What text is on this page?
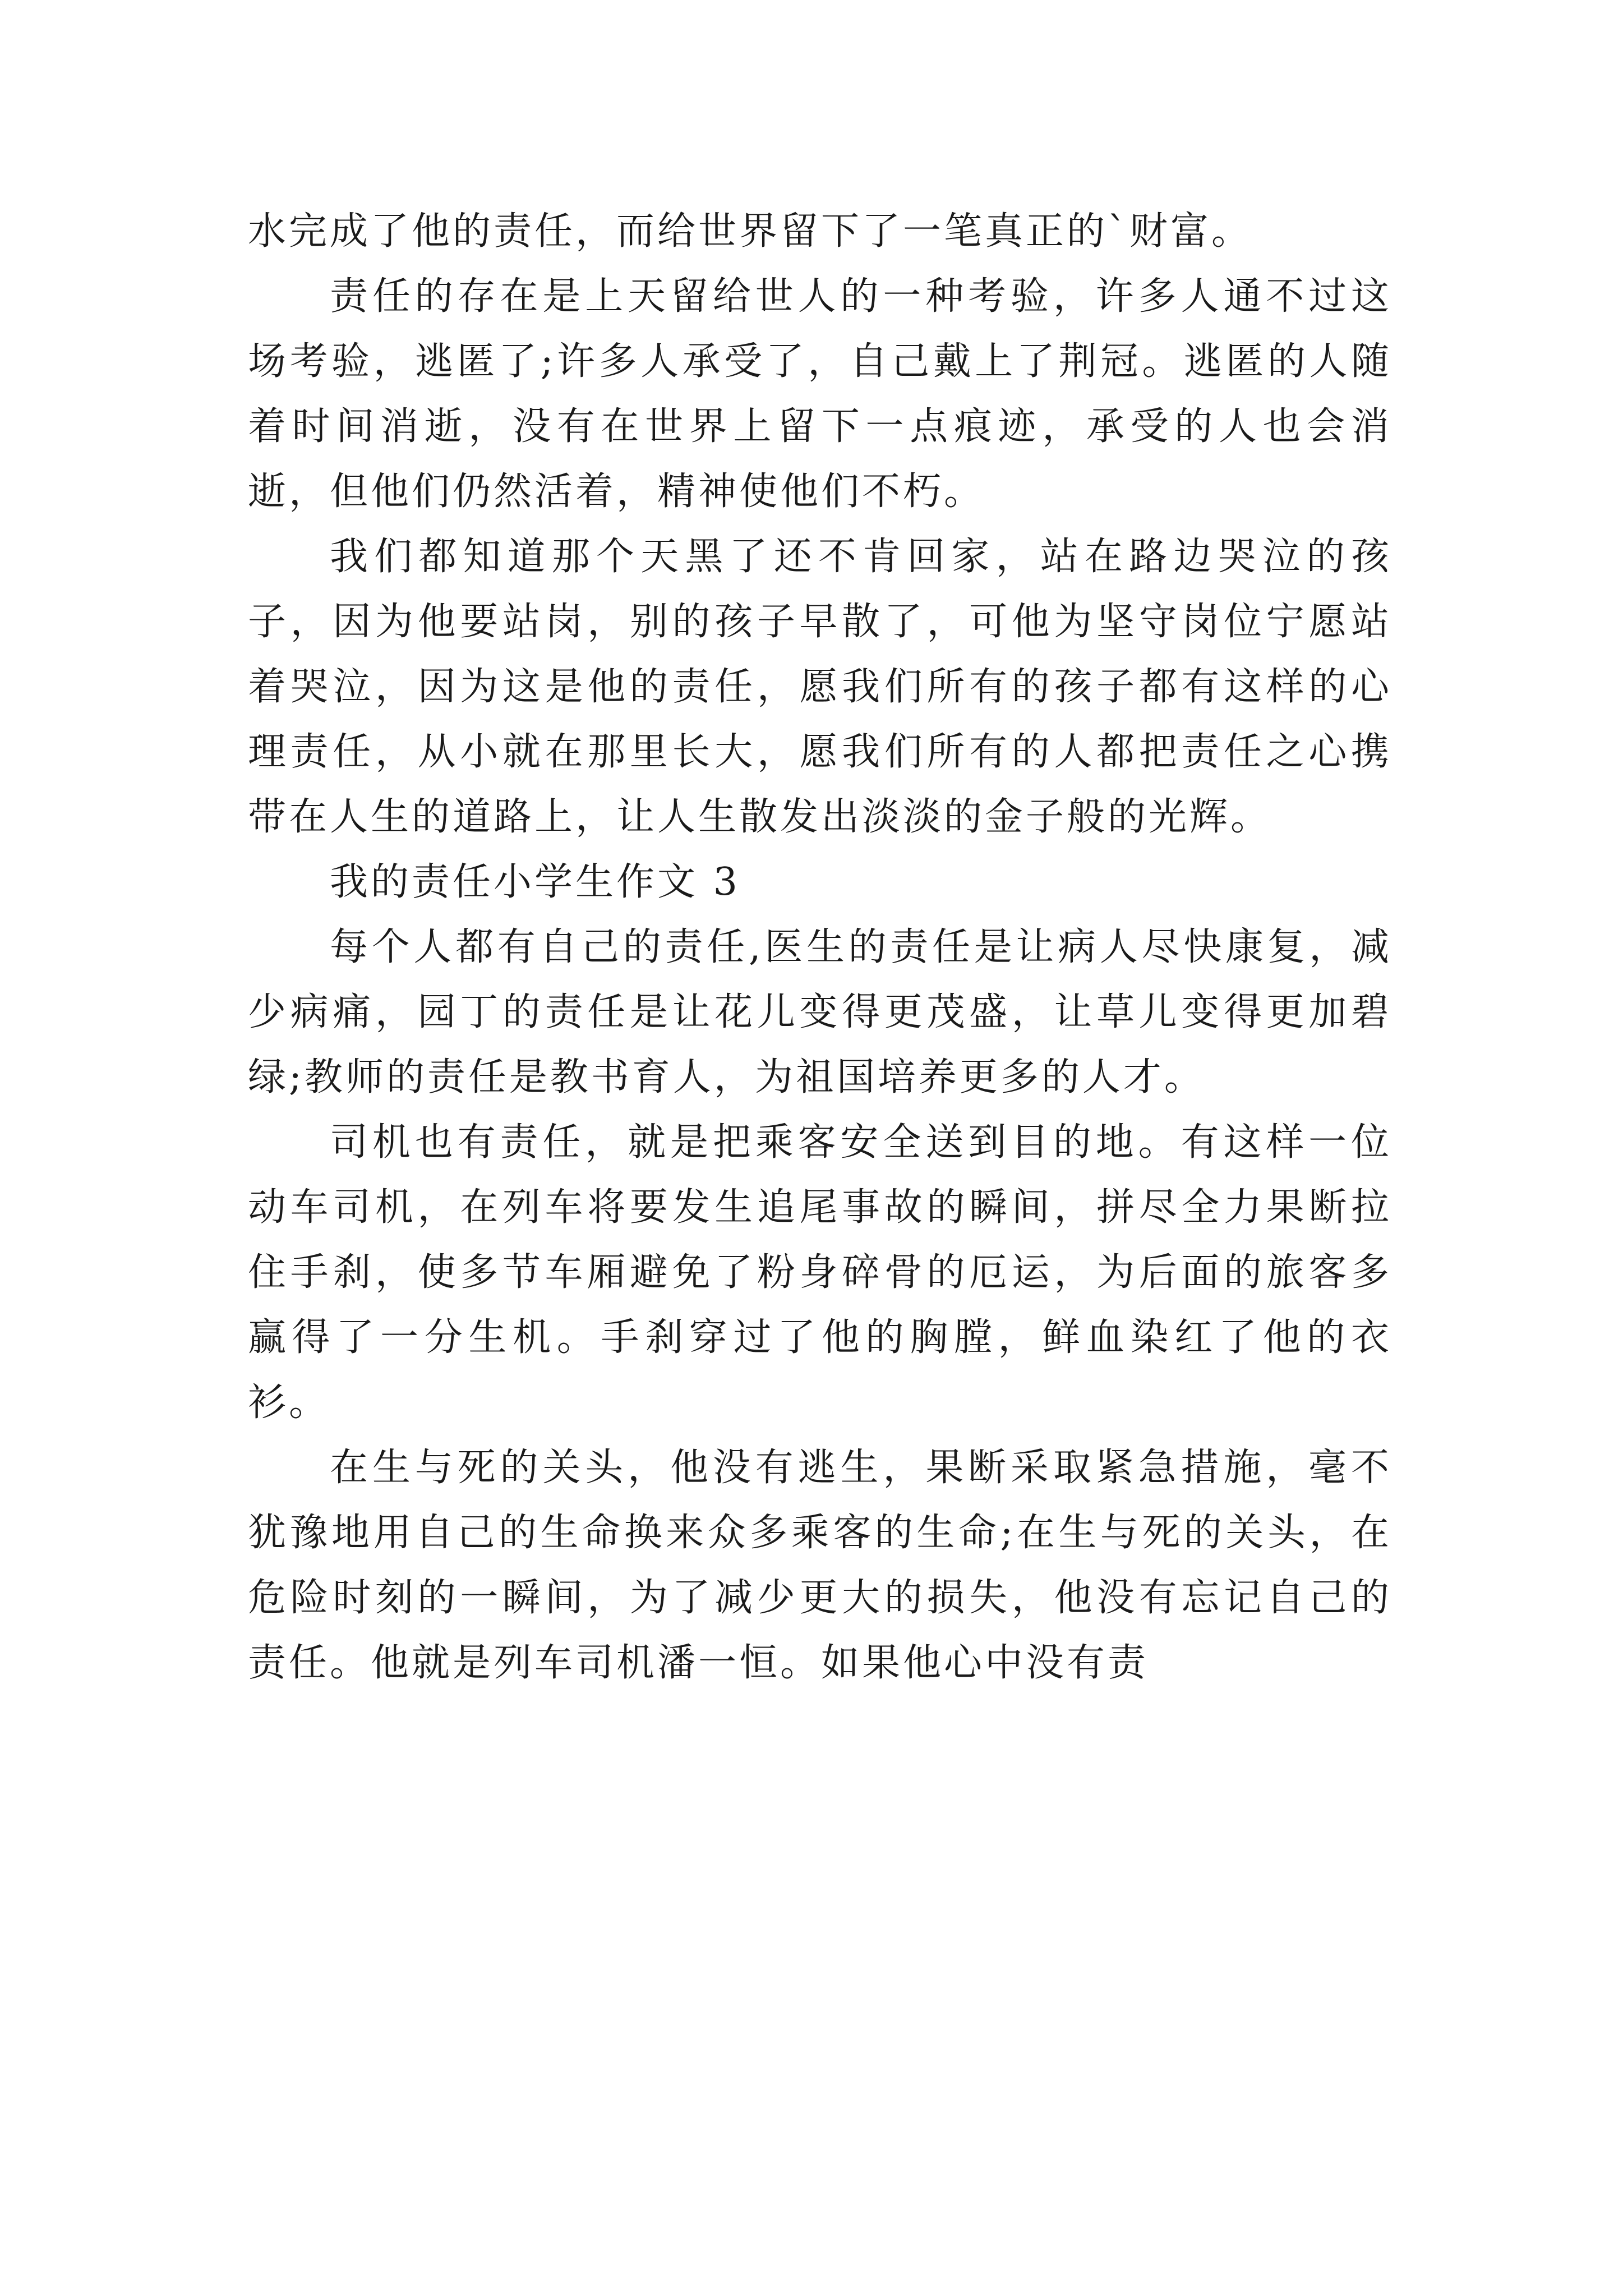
水完成了他的责任，而给世界留下了一笔真正的`财富。

责任的存在是上天留给世人的一种考验，许多人通不过这场考验，逃匿了;许多人承受了，自己戴上了荆冠。逃匿的人随着时间消逝，没有在世界上留下一点痕迹，承受的人也会消逝，但他们仍然活着，精神使他们不朽。

我们都知道那个天黑了还不肯回家，站在路边哭泣的孩子，因为他要站岗，别的孩子早散了，可他为坚守岗位宁愿站着哭泣，因为这是他的责任，愿我们所有的孩子都有这样的心理责任，从小就在那里长大，愿我们所有的人都把责任之心携带在人生的道路上，让人生散发出淡淡的金子般的光辉。

我的责任小学生作文 3

每个人都有自己的责任,医生的责任是让病人尽快康复，减少病痛，园丁的责任是让花儿变得更茂盛，让草儿变得更加碧绿;教师的责任是教书育人，为祖国培养更多的人才。

司机也有责任，就是把乘客安全送到目的地。有这样一位动车司机，在列车将要发生追尾事故的瞬间，拼尽全力果断拉住手刹，使多节车厢避免了粉身碎骨的厄运，为后面的旅客多赢得了一分生机。手刹穿过了他的胸膛，鲜血染红了他的衣衫。

在生与死的关头，他没有逃生，果断采取紧急措施，毫不犹豫地用自己的生命换来众多乘客的生命;在生与死的关头，在危险时刻的一瞬间，为了减少更大的损失，他没有忘记自己的责任。他就是列车司机潘一恒。如果他心中没有责
